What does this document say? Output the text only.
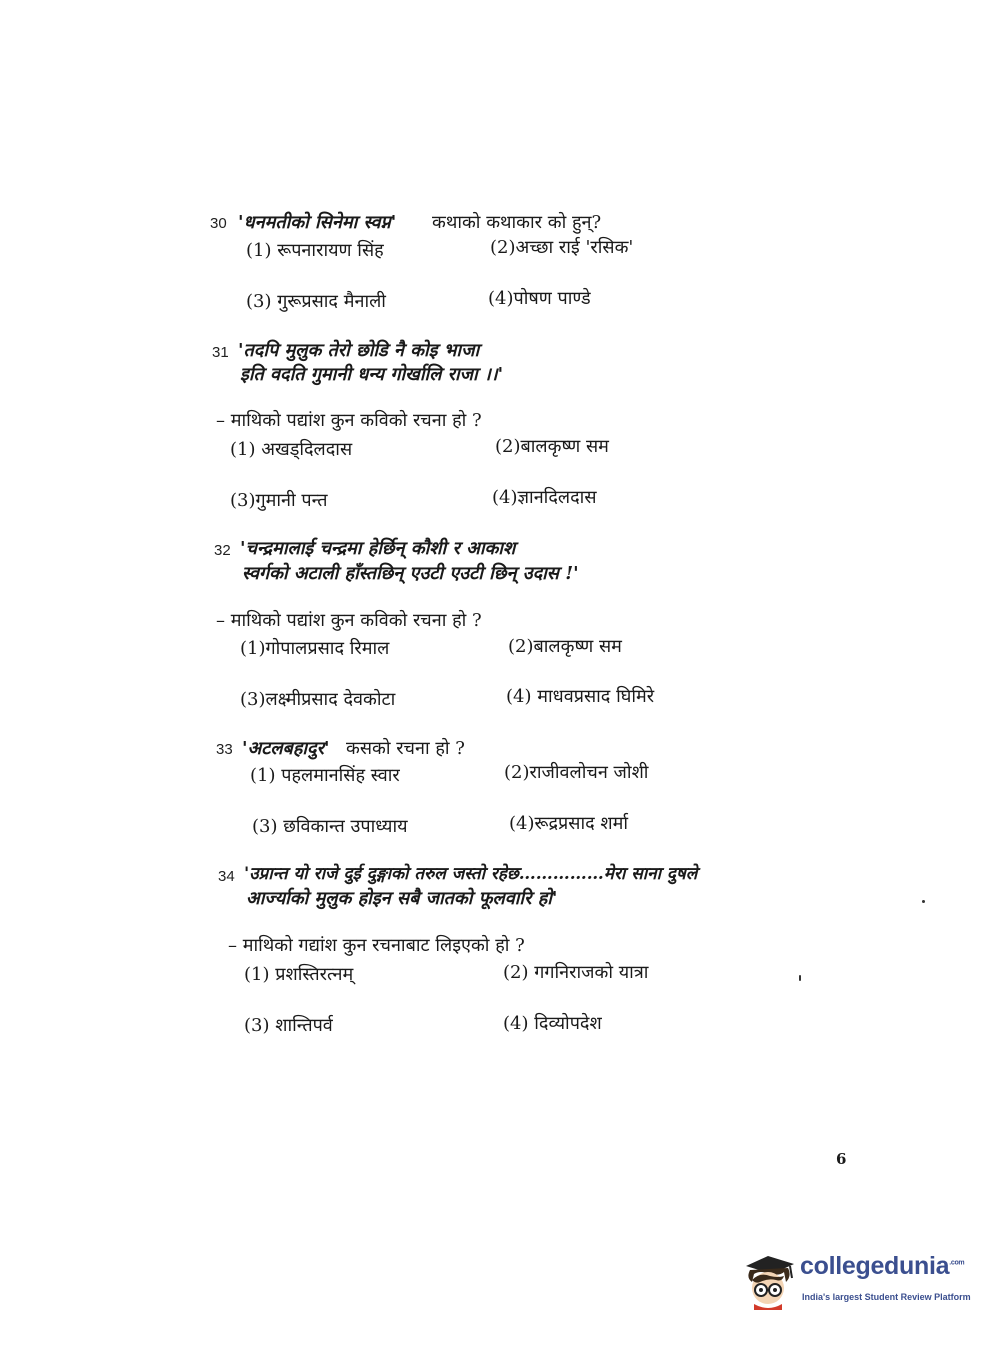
30 'धनमतीको सिनेमा स्वप्न' कथाको कथाकार को हुन्?
(1) रूपनारायण सिंह	(2)अच्छा राई 'रसिक'
(3) गुरूप्रसाद मैनाली	(4)पोषण पाण्डे
31 'तदपि मुलुक तेरो छोडि नै कोइ भाजा
इति वदति गुमानी धन्य गोर्खालि राजा ।।'
– माथिको पद्यांश कुन कविको रचना हो ?
(1) अखड्‌दिलदास	(2)बालकृष्ण सम
(3)गुमानी पन्त	(4)ज्ञानदिलदास
32 'चन्द्रमालाई चन्द्रमा हेर्छिन् कौशी र आकाश
स्वर्गको अटाली हाँस्तछिन् एउटी एउटी छिन् उदास !'
– माथिको पद्यांश कुन कविको रचना हो ?
(1)गोपालप्रसाद रिमाल	(2)बालकृष्ण सम
(3)लक्ष्मीप्रसाद देवकोटा	(4) माधवप्रसाद घिमिरे
33 'अटलबहादुर' कसको रचना हो ?
(1) पहलमानसिंह स्वार	(2)राजीवलोचन जोशी
(3) छविकान्त उपाध्याय	(4)रूद्रप्रसाद शर्मा
34 'उप्रान्त यो राजे दुई दुङ्गाको तरुल जस्तो रहेछ……………मेरा साना दुषले
आर्ज्याको मुलुक होइन सबै जातको फूलवारि हो'
– माथिको गद्यांश कुन रचनाबाट लिइएको हो ?
(1) प्रशस्तिरत्नम्	(2) गगनिराजको यात्रा
(3) शान्तिपर्व	(4) दिव्योपदेश
6
collegedunia$^{.com}$
India's largest Student Review Platform
